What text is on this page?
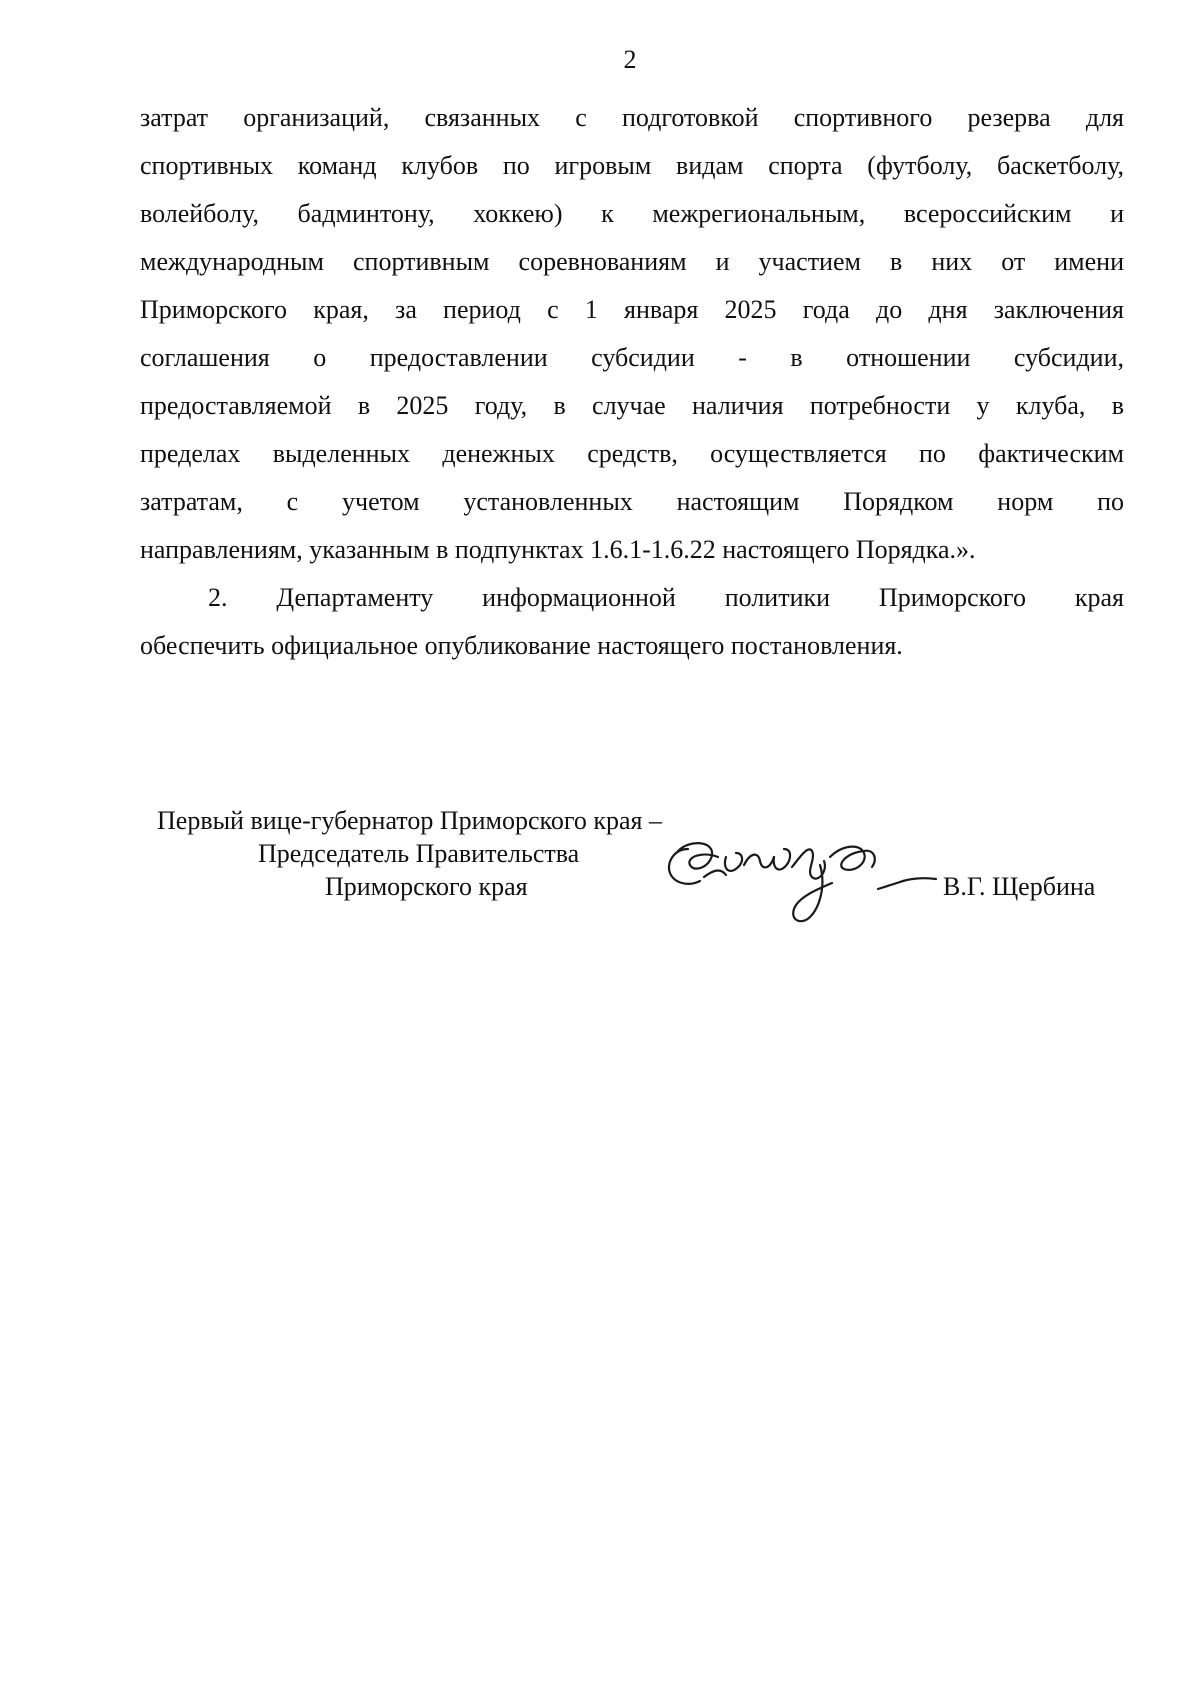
2
затрат организаций, связанных с подготовкой спортивного резерва для
спортивных команд клубов по игровым видам спорта (футболу, баскетболу,
волейболу, бадминтону, хоккею) к межрегиональным, всероссийским и
международным спортивным соревнованиям и участием в них от имени
Приморского края, за период с 1 января 2025 года до дня заключения
соглашения о предоставлении субсидии - в отношении субсидии,
предоставляемой в 2025 году, в случае наличия потребности у клуба, в
пределах выделенных денежных средств, осуществляется по фактическим
затратам, с учетом установленных настоящим Порядком норм по
направлениям, указанным в подпунктах 1.6.1-1.6.22 настоящего Порядка.».
2. Департаменту информационной политики Приморского края
обеспечить официальное опубликование настоящего постановления.
Первый вице-губернатор Приморского края –
Председатель Правительства
Приморского края	В.Г. Щербина
